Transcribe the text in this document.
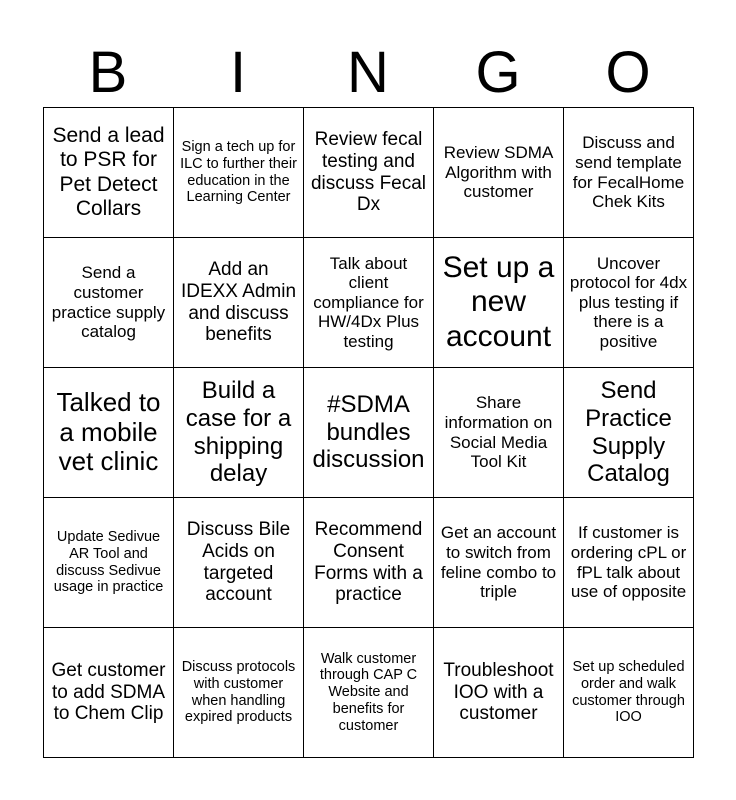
B	I	N	G	O
Send a lead to PSR for Pet Detect Collars	Sign a tech up for ILC to further their education in the Learning Center	Review fecal testing and discuss Fecal Dx	Review SDMA Algorithm with customer	Discuss and send template for FecalHome Chek Kits
Send a customer practice supply catalog	Add an IDEXX Admin and discuss benefits	Talk about client compliance for HW/4Dx Plus testing	Set up a new account	Uncover protocol for 4dx plus testing if there is a positive
Talked to a mobile vet clinic	Build a case for a shipping delay	#SDMA bundles discussion	Share information on Social Media Tool Kit	Send Practice Supply Catalog
Update Sedivue AR Tool and discuss Sedivue usage in practice	Discuss Bile Acids on targeted account	Recommend Consent Forms with a practice	Get an account to switch from feline combo to triple	If customer is ordering cPL or fPL talk about use of opposite
Get customer to add SDMA to Chem Clip	Discuss protocols with customer when handling expired products	Walk customer through CAP C Website and benefits for customer	Troubleshoot IOO with a customer	Set up scheduled order and walk customer through IOO
